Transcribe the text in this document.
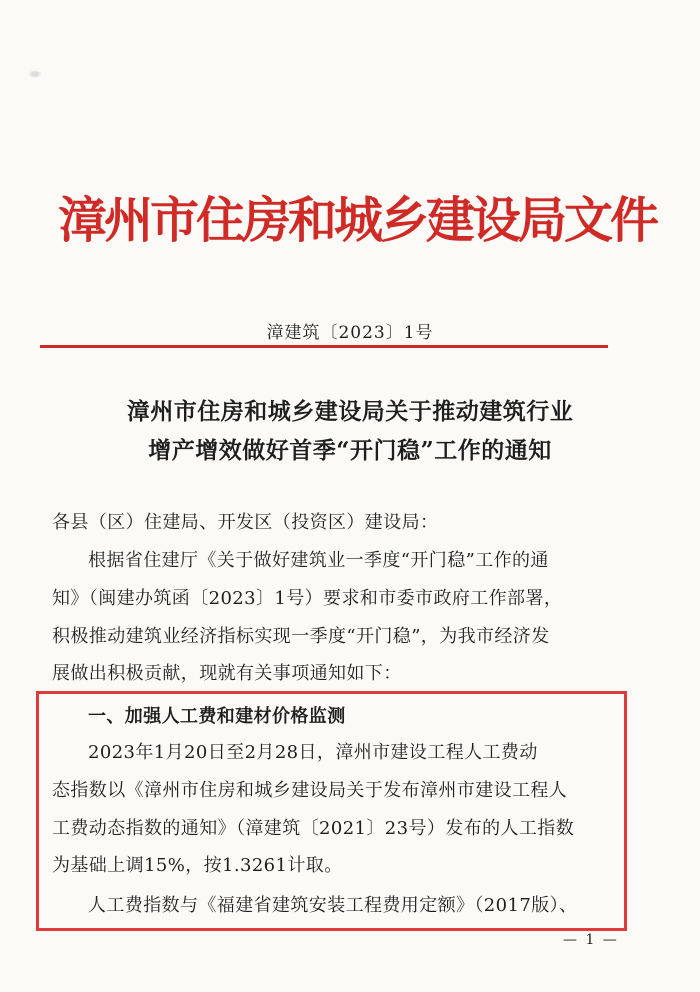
漳州市住房和城乡建设局文件
漳建筑〔2023〕1号
漳州市住房和城乡建设局关于推动建筑行业
增产增效做好首季“开门稳”工作的通知
各县（区）住建局、开发区（投资区）建设局：
根据省住建厅《关于做好建筑业一季度“开门稳”工作的通
知》（闽建办筑函〔2023〕1号）要求和市委市政府工作部署，
积极推动建筑业经济指标实现一季度“开门稳”，为我市经济发
展做出积极贡献，现就有关事项通知如下：
一、加强人工费和建材价格监测
2023年1月20日至2月28日，漳州市建设工程人工费动
态指数以《漳州市住房和城乡建设局关于发布漳州市建设工程人
工费动态指数的通知》（漳建筑〔2021〕23号）发布的人工指数
为基础上调15%，按1.3261计取。
人工费指数与《福建省建筑安装工程费用定额》（2017版）、
— 1 —
